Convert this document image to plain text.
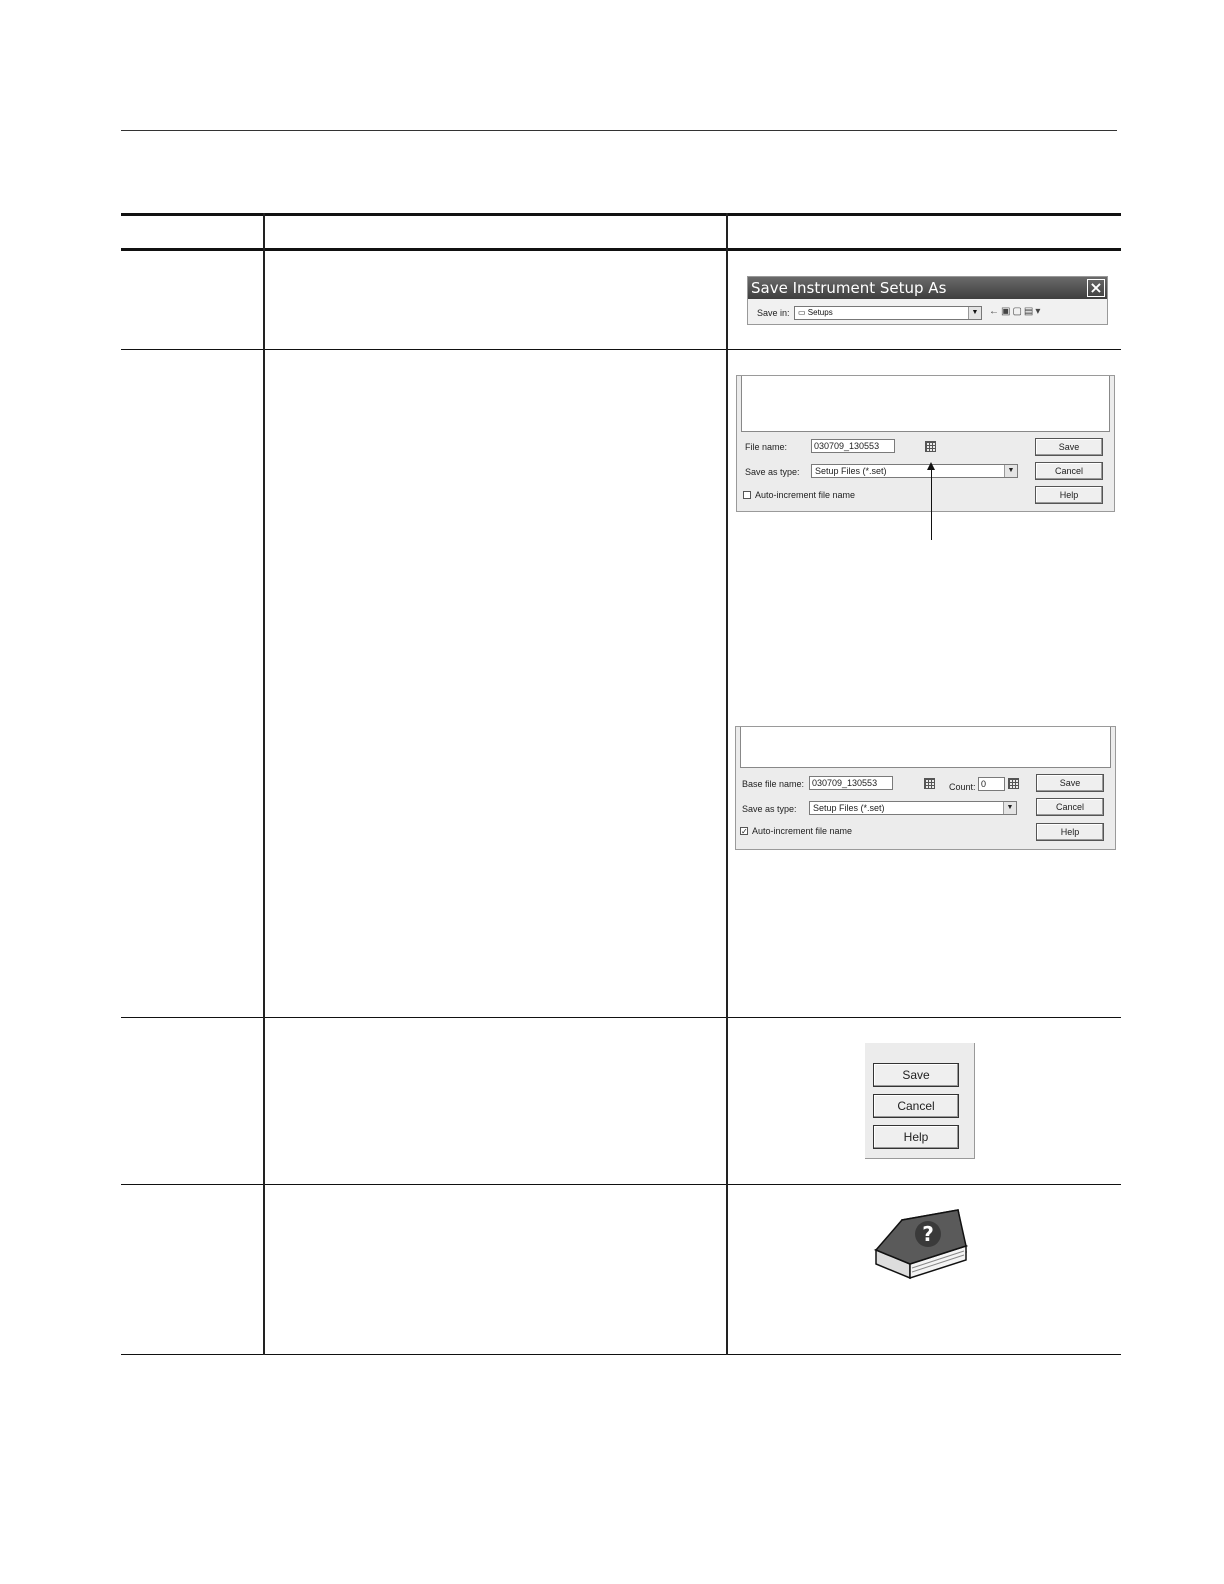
Save Instrument Setup As	×
Save in:	▭ Setups	▼ ←▣▢▤▾
File name:	030709_130553
Save as type:	Setup Files (*.set)	▼
Auto-increment file name
Save
Cancel
Help
Base file name: 030709_130553	Count: 0
Save as type:	Setup Files (*.set)	▼
✓ Auto-increment file name
Save
Cancel
Help
Save
Cancel
Help
?
